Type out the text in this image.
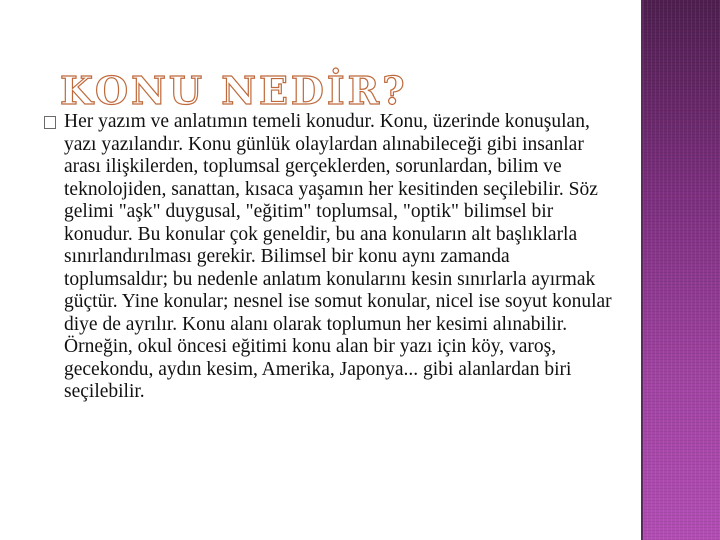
KONU NEDİR?

Her yazım ve anlatımın temeli konudur. Konu, üzerinde konuşulan, yazı yazılandır. Konu günlük olaylardan alınabileceği gibi insanlar arası ilişkilerden, toplumsal gerçeklerden, sorunlardan, bilim ve teknolojiden, sanattan, kısaca yaşamın her kesitinden seçilebilir. Söz gelimi "aşk" duygusal, "eğitim" toplumsal, "optik" bilimsel bir konudur. Bu konular çok geneldir, bu ana konuların alt başlıklarla sınırlandırılması gerekir. Bilimsel bir konu aynı zamanda toplumsaldır; bu nedenle anlatım konularını kesin sınırlarla ayırmak güçtür. Yine konular; nesnel ise somut konular, nicel ise soyut konular diye de ayrılır. Konu alanı olarak toplumun her kesimi alınabilir. Örneğin, okul öncesi eğitimi konu alan bir yazı için köy, varoş, gecekondu, aydın kesim, Amerika, Japonya... gibi alanlardan biri seçilebilir.
